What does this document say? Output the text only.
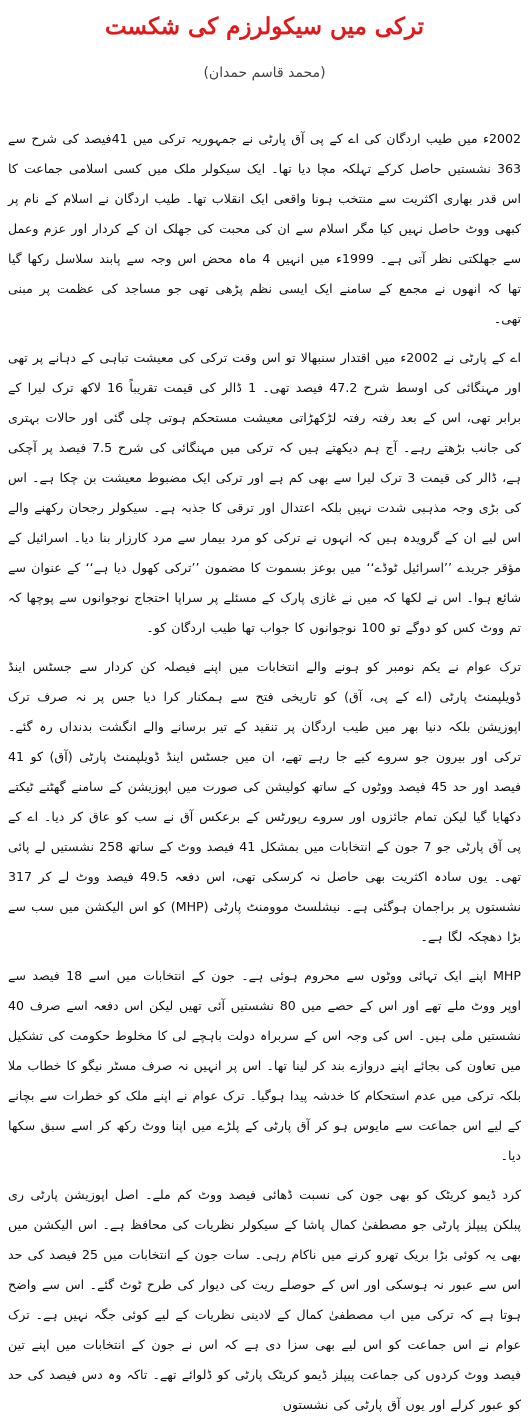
ترکی میں سیکولرزم کی شکست
(محمد قاسم حمدان)

2002ء میں طیب اردگان کی اے کے پی آق پارٹی نے جمہوریہ ترکی میں 41فیصد کی شرح سے 363 نشستیں حاصل کرکے تہلکہ مچا دیا تھا۔ ایک سیکولر ملک میں کسی اسلامی جماعت کا اس قدر بھاری اکثریت سے منتخب ہونا واقعی ایک انقلاب تھا۔ طیب اردگان نے اسلام کے نام پر کبھی ووٹ حاصل نہیں کیا مگر اسلام سے ان کی محبت کی جھلک ان کے کردار اور عزم وعمل سے جھلکتی نظر آتی ہے۔ 1999ء میں انہیں 4 ماہ محض اس وجہ سے پابند سلاسل رکھا گیا تھا کہ انھوں نے مجمع کے سامنے ایک ایسی نظم پڑھی تھی جو مساجد کی عظمت پر مبنی تھی۔

اے کے پارٹی نے 2002ء میں اقتدار سنبھالا تو اس وقت ترکی کی معیشت تباہی کے دہانے پر تھی اور مہنگائی کی اوسط شرح 47.2 فیصد تھی۔ 1 ڈالر کی قیمت تقریباً 16 لاکھ ترک لیرا کے برابر تھی، اس کے بعد رفتہ رفتہ لڑکھڑاتی معیشت مستحکم ہوتی چلی گئی اور حالات بہتری کی جانب بڑھتے رہے۔ آج ہم دیکھتے ہیں کہ ترکی میں مہنگائی کی شرح 7.5 فیصد پر آچکی ہے، ڈالر کی قیمت 3 ترک لیرا سے بھی کم ہے اور ترکی ایک مضبوط معیشت بن چکا ہے۔ اس کی بڑی وجہ مذہبی شدت نہیں بلکہ اعتدال اور ترقی کا جذبہ ہے۔ سیکولر رجحان رکھنے والے اس لیے ان کے گرویدہ ہیں کہ انہوں نے ترکی کو مرد بیمار سے مرد کارزار بنا دیا۔ اسرائیل کے مؤقر جریدے ’’اسرائیل ٹوڈے‘‘ میں بوعز بسموت کا مضمون ’’ترکی کھول دیا ہے‘‘ کے عنوان سے شائع ہوا۔ اس نے لکھا کہ میں نے غازی پارک کے مسئلے پر سراپا احتجاج نوجوانوں سے پوچھا کہ تم ووٹ کس کو دوگے تو 100 نوجوانوں کا جواب تھا طیب اردگان کو۔

ترک عوام نے یکم نومبر کو ہونے والے انتخابات میں اپنے فیصلہ کن کردار سے جسٹس اینڈ ڈویلپمنٹ پارٹی (اے کے پی، آق) کو تاریخی فتح سے ہمکنار کرا دیا جس پر نہ صرف ترک اپوزیشن بلکہ دنیا بھر میں طیب اردگان پر تنقید کے تیر برسانے والے انگشت بدنداں رہ گئے۔ ترکی اور بیرون جو سروے کیے جا رہے تھے، ان میں جسٹس اینڈ ڈویلپمنٹ پارٹی (آق) کو 41 فیصد اور حد 45 فیصد ووٹوں کے ساتھ کولیشن کی صورت میں اپوزیشن کے سامنے گھٹنے ٹیکتے دکھایا گیا لیکن تمام جائزوں اور سروے رپورٹس کے برعکس آق نے سب کو عاق کر دیا۔ اے کے پی آق پارٹی جو 7 جون کے انتخابات میں بمشکل 41 فیصد ووٹ کے ساتھ 258 نشستیں لے پائی تھی۔ یوں سادہ اکثریت بھی حاصل نہ کرسکی تھی، اس دفعہ 49.5 فیصد ووٹ لے کر 317 نشستوں پر براجمان ہوگئی ہے۔ نیشلسٹ موومنٹ پارٹی (MHP) کو اس الیکشن میں سب سے بڑا دھچکہ لگا ہے۔

MHP اپنے ایک تہائی ووٹوں سے محروم ہوئی ہے۔ جون کے انتخابات میں اسے 18 فیصد سے اوپر ووٹ ملے تھے اور اس کے حصے میں 80 نشستیں آئی تھیں لیکن اس دفعہ اسے صرف 40 نشستیں ملی ہیں۔ اس کی وجہ اس کے سربراہ دولت باہچے لی کا مخلوط حکومت کی تشکیل میں تعاون کی بجائے اپنے دروازے بند کر لینا تھا۔ اس پر انہیں نہ صرف مسٹر نیگو کا خطاب ملا بلکہ ترکی میں عدم استحکام کا خدشہ پیدا ہوگیا۔ ترک عوام نے اپنے ملک کو خطرات سے بچانے کے لیے اس جماعت سے مایوس ہو کر آق پارٹی کے پلڑے میں اپنا ووٹ رکھ کر اسے سبق سکھا دیا۔

کرد ڈیمو کریٹک کو بھی جون کی نسبت ڈھائی فیصد ووٹ کم ملے۔ اصل اپوزیشن پارٹی ری پبلکن پیپلز پارٹی جو مصطفیٰ کمال پاشا کے سیکولر نظریات کی محافظ ہے۔ اس الیکشن میں بھی یہ کوئی بڑا بریک تھرو کرنے میں ناکام رہی۔ سات جون کے انتخابات میں 25 فیصد کی حد اس سے عبور نہ ہوسکی اور اس کے حوصلے ریت کی دیوار کی طرح ٹوٹ گئے۔ اس سے واضح ہوتا ہے کہ ترکی میں اب مصطفیٰ کمال کے لادینی نظریات کے لیے کوئی جگہ نہیں ہے۔ ترک عوام نے اس جماعت کو اس لیے بھی سزا دی ہے کہ اس نے جون کے انتخابات میں اپنے تین فیصد ووٹ کردوں کی جماعت پیپلز ڈیمو کریٹک پارٹی کو ڈلوائے تھے۔ تاکہ وہ دس فیصد کی حد کو عبور کرلے اور یوں آق پارٹی کی نشستوں
